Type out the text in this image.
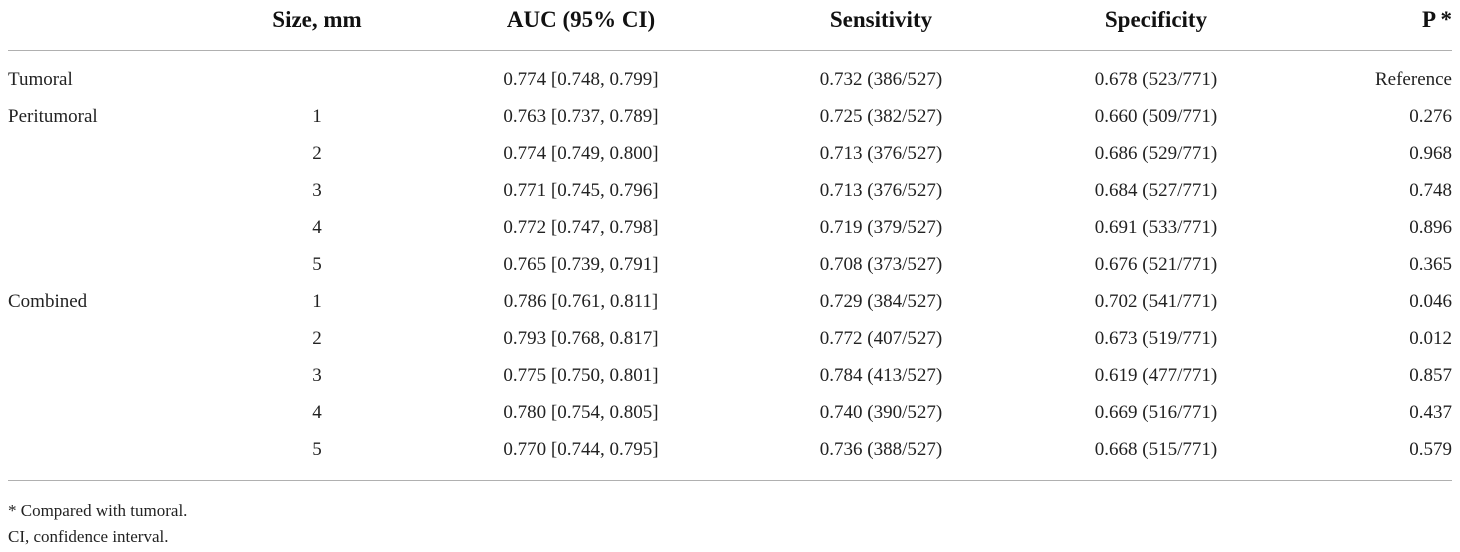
	Size, mm	AUC (95% CI)	Sensitivity	Specificity	P *
Tumoral		0.774 [0.748, 0.799]	0.732 (386/527)	0.678 (523/771)	Reference
Peritumoral	1	0.763 [0.737, 0.789]	0.725 (382/527)	0.660 (509/771)	0.276
	2	0.774 [0.749, 0.800]	0.713 (376/527)	0.686 (529/771)	0.968
	3	0.771 [0.745, 0.796]	0.713 (376/527)	0.684 (527/771)	0.748
	4	0.772 [0.747, 0.798]	0.719 (379/527)	0.691 (533/771)	0.896
	5	0.765 [0.739, 0.791]	0.708 (373/527)	0.676 (521/771)	0.365
Combined	1	0.786 [0.761, 0.811]	0.729 (384/527)	0.702 (541/771)	0.046
	2	0.793 [0.768, 0.817]	0.772 (407/527)	0.673 (519/771)	0.012
	3	0.775 [0.750, 0.801]	0.784 (413/527)	0.619 (477/771)	0.857
	4	0.780 [0.754, 0.805]	0.740 (390/527)	0.669 (516/771)	0.437
	5	0.770 [0.744, 0.795]	0.736 (388/527)	0.668 (515/771)	0.579
* Compared with tumoral.
CI, confidence interval.
